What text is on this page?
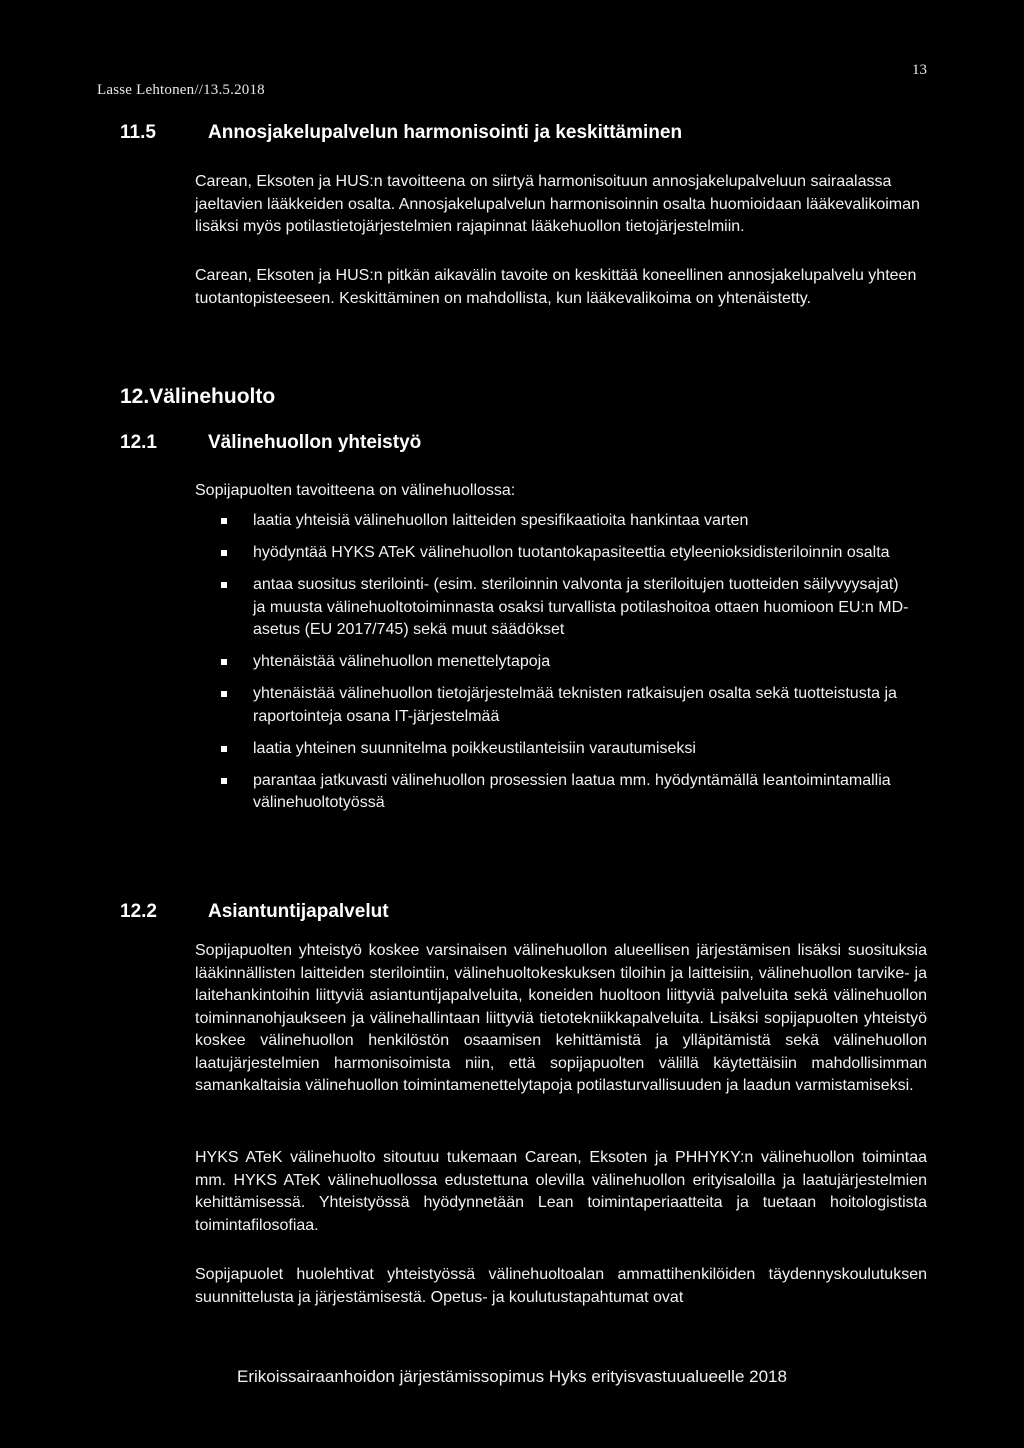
Lasse Lehtonen//13.5.2018
13
11.5	Annosjakelupalvelun harmonisointi ja keskittäminen

Carean, Eksoten ja HUS:n tavoitteena on siirtyä harmonisoituun annosjakelupalveluun sairaalassa jaeltavien lääkkeiden osalta. Annosjakelupalvelun harmonisoinnin osalta huomioidaan lääkevalikoiman lisäksi myös potilastietojärjestelmien rajapinnat lääkehuollon tietojärjestelmiin.

Carean, Eksoten ja HUS:n pitkän aikavälin tavoite on keskittää koneellinen annosjakelupalvelu yhteen tuotantopisteeseen. Keskittäminen on mahdollista, kun lääkevalikoima on yhtenäistetty.

12.Välinehuolto
12.1	Välinehuollon yhteistyö

Sopijapuolten tavoitteena on välinehuollossa:

laatia yhteisiä välinehuollon laitteiden spesifikaatioita hankintaa varten
hyödyntää HYKS ATeK välinehuollon tuotantokapasiteettia etyleenioksidisteriloinnin osalta
antaa suositus sterilointi- (esim. steriloinnin valvonta ja steriloitujen tuotteiden säilyvyysajat) ja muusta välinehuoltotoiminnasta osaksi turvallista potilashoitoa ottaen huomioon EU:n MD-asetus (EU 2017/745) sekä muut säädökset
yhtenäistää välinehuollon menettelytapoja
yhtenäistää välinehuollon tietojärjestelmää teknisten ratkaisujen osalta sekä tuotteistusta ja raportointeja osana IT-järjestelmää
laatia yhteinen suunnitelma poikkeustilanteisiin varautumiseksi
parantaa jatkuvasti välinehuollon prosessien laatua mm. hyödyntämällä leantoimintamallia välinehuoltotyössä
12.2	Asiantuntijapalvelut

Sopijapuolten yhteistyö koskee varsinaisen välinehuollon alueellisen järjestämisen lisäksi suosituksia lääkinnällisten laitteiden sterilointiin, välinehuoltokeskuksen tiloihin ja laitteisiin, välinehuollon tarvike- ja laitehankintoihin liittyviä asiantuntijapalveluita, koneiden huoltoon liittyviä palveluita sekä välinehuollon toiminnanohjaukseen ja välinehallintaan liittyviä tietotekniikkapalveluita. Lisäksi sopijapuolten yhteistyö koskee välinehuollon henkilöstön osaamisen kehittämistä ja ylläpitämistä sekä välinehuollon laatujärjestelmien harmonisoimista niin, että sopijapuolten välillä käytettäisiin mahdollisimman samankaltaisia välinehuollon toimintamenettelytapoja potilasturvallisuuden ja laadun varmistamiseksi.

HYKS ATeK välinehuolto sitoutuu tukemaan Carean, Eksoten ja PHHYKY:n välinehuollon toimintaa mm. HYKS ATeK välinehuollossa edustettuna olevilla välinehuollon erityisaloilla ja laatujärjestelmien kehittämisessä. Yhteistyössä hyödynnetään Lean toimintaperiaatteita ja tuetaan hoitologistista toimintafilosofiaa.

Sopijapuolet huolehtivat yhteistyössä välinehuoltoalan ammattihenkilöiden täydennyskoulutuksen suunnittelusta ja järjestämisestä. Opetus- ja koulutustapahtumat ovat

Erikoissairaanhoidon järjestämissopimus Hyks erityisvastuualueelle 2018
